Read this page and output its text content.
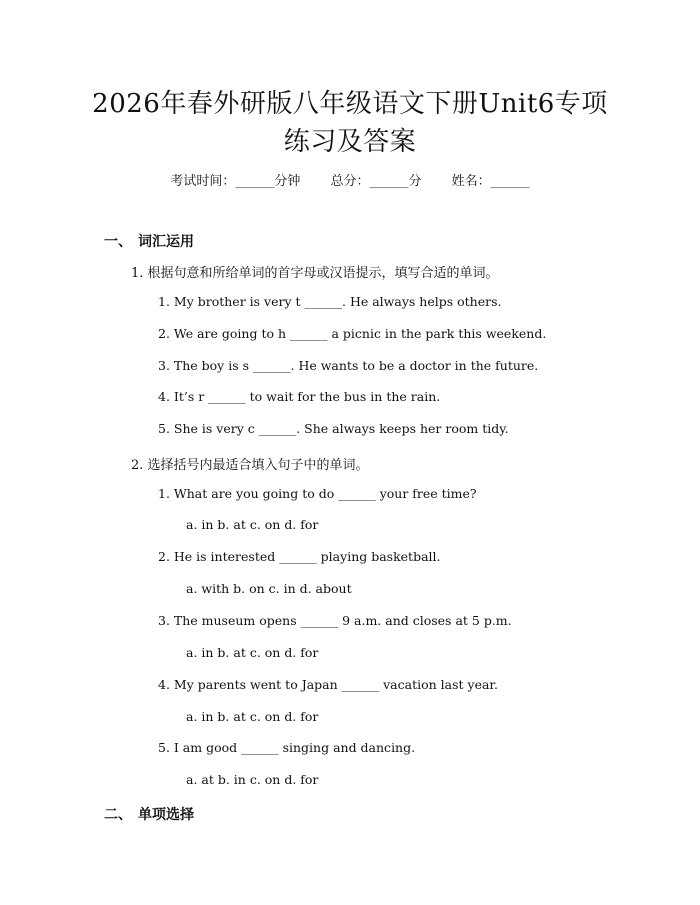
2026年春外研版八年级语文下册Unit6专项
练习及答案
考试时间：______分钟 总分：______分 姓名：______
一、 词汇运用
1. 根据句意和所给单词的首字母或汉语提示，填写合适的单词。
1. My brother is very t ______. He always helps others.
2. We are going to h ______ a picnic in the park this weekend.
3. The boy is s ______. He wants to be a doctor in the future.
4. It’s r ______ to wait for the bus in the rain.
5. She is very c ______. She always keeps her room tidy.
2. 选择括号内最适合填入句子中的单词。
1. What are you going to do ______ your free time?
a. in b. at c. on d. for
2. He is interested ______ playing basketball.
a. with b. on c. in d. about
3. The museum opens ______ 9 a.m. and closes at 5 p.m.
a. in b. at c. on d. for
4. My parents went to Japan ______ vacation last year.
a. in b. at c. on d. for
5. I am good ______ singing and dancing.
a. at b. in c. on d. for
二、 单项选择
